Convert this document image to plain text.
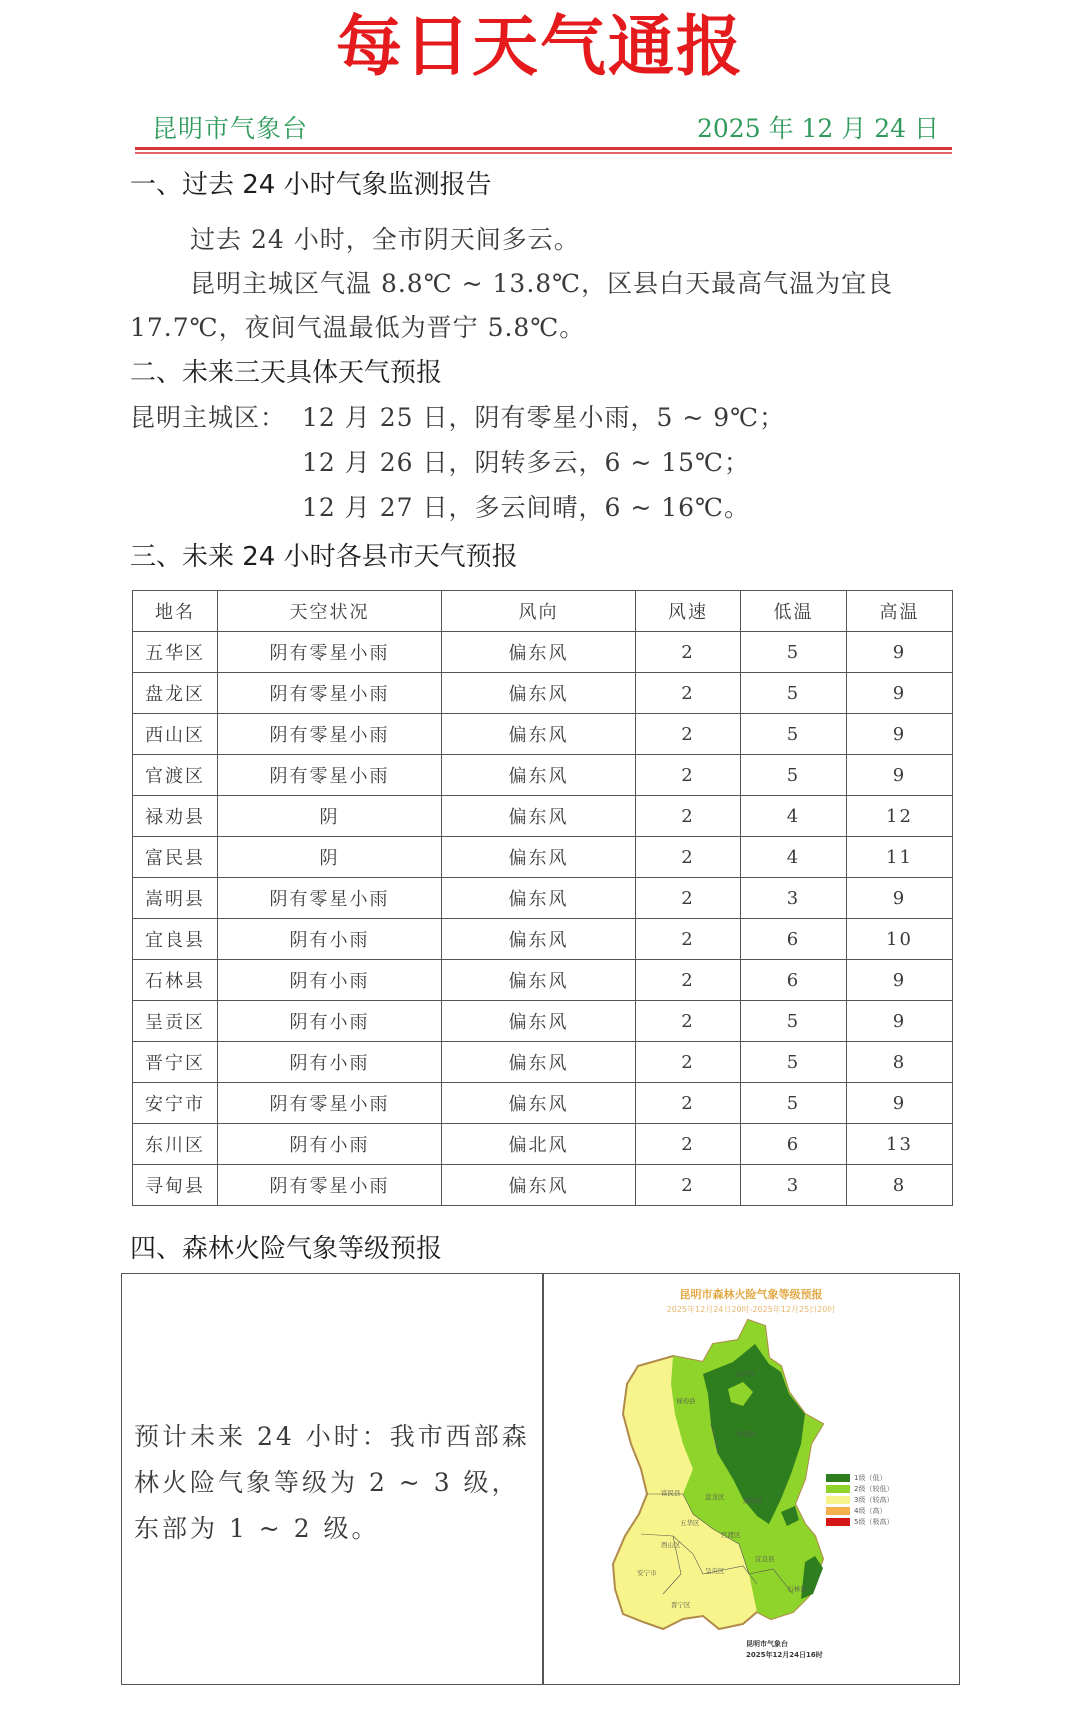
每日天气通报
昆明市气象台	2025 年 12 月 24 日
一、过去 24 小时气象监测报告
过去 24 小时，全市阴天间多云。
昆明主城区气温 8.8℃ ~ 13.8℃，区县白天最高气温为宜良
17.7℃，夜间气温最低为晋宁 5.8℃。
二、未来三天具体天气预报
昆明主城区： 12 月 25 日，阴有零星小雨，5 ~ 9℃；
12 月 26 日，阴转多云，6 ~ 15℃；
12 月 27 日，多云间晴，6 ~ 16℃。
三、未来 24 小时各县市天气预报
地名	天空状况	风向	风速	低温	高温
五华区	阴有零星小雨	偏东风	2	5	9
盘龙区	阴有零星小雨	偏东风	2	5	9
西山区	阴有零星小雨	偏东风	2	5	9
官渡区	阴有零星小雨	偏东风	2	5	9
禄劝县	阴	偏东风	2	4	12
富民县	阴	偏东风	2	4	11
嵩明县	阴有零星小雨	偏东风	2	3	9
宜良县	阴有小雨	偏东风	2	6	10
石林县	阴有小雨	偏东风	2	6	9
呈贡区	阴有小雨	偏东风	2	5	9
晋宁区	阴有小雨	偏东风	2	5	8
安宁市	阴有零星小雨	偏东风	2	5	9
东川区	阴有小雨	偏北风	2	6	13
寻甸县	阴有零星小雨	偏东风	2	3	8
四、森林火险气象等级预报
预计未来 24 小时：我市西部森林火险气象等级为 2 ~ 3 级，东部为 1 ~ 2 级。
昆明市森林火险气象等级预报
2025年12月24日20时-2025年12月25日20时
东川区
禄劝县
寻甸县
富民县	盘龙区	嵩明县
五华区
官渡区
西山区
宜良县
安宁市	呈贡区
石林县
晋宁区
1级（低）
2级（较低）
3级（较高）
4级（高）
5级（极高）
昆明市气象台
2025年12月24日16时
